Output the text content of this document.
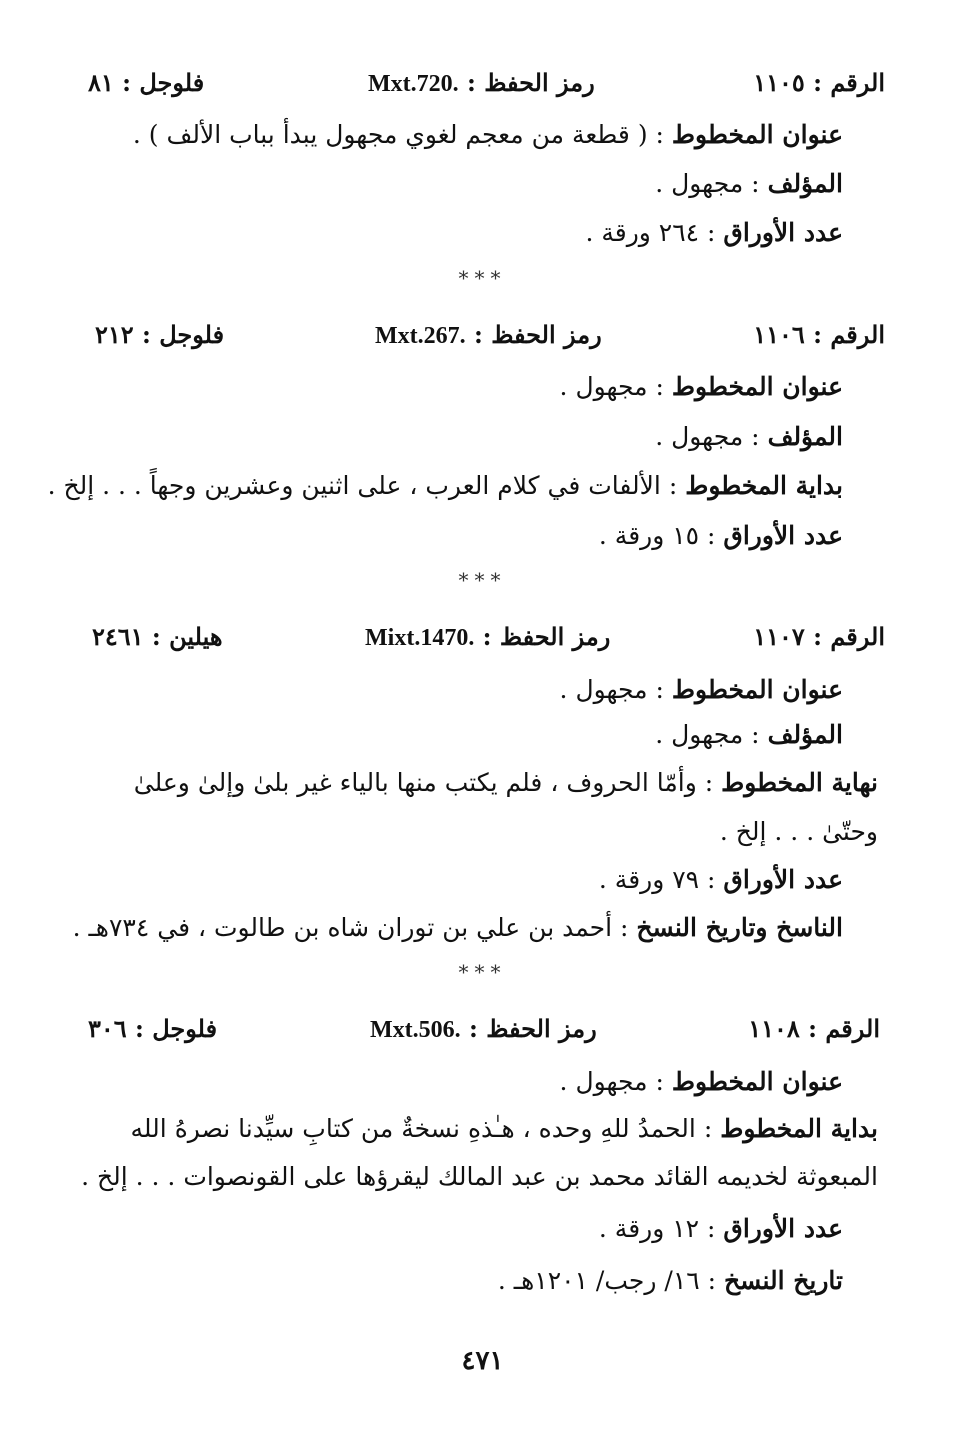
الرقم : ١١٠٥
Mxt.720. رمز الحفظ :
فلوجل : ٨١
عنوان المخطوط : ( قطعة من معجم لغوي مجهول يبدأ بباب الألف ) .
المؤلف : مجهول .
عدد الأوراق : ٢٦٤ ورقة .
***
الرقم : ١١٠٦
Mxt.267. رمز الحفظ :
فلوجل : ٢١٢
عنوان المخطوط : مجهول .
المؤلف : مجهول .
بداية المخطوط : الألفات في كلام العرب ، على اثنين وعشرين وجهاً . . . إلخ .
عدد الأوراق : ١٥ ورقة .
***
الرقم : ١١٠٧
Mixt.1470. رمز الحفظ :
هيلين : ٢٤٦١
عنوان المخطوط : مجهول .
المؤلف : مجهول .
نهاية المخطوط : وأمّا الحروف ، فلم يكتب منها بالياء غير بلىٰ وإلىٰ وعلىٰ
وحتّىٰ . . . إلخ .
عدد الأوراق : ٧٩ ورقة .
الناسخ وتاريخ النسخ : أحمد بن علي بن توران شاه بن طالوت ، في ٧٣٤هـ .
***
الرقم : ١١٠٨
Mxt.506. رمز الحفظ :
فلوجل : ٣٠٦
عنوان المخطوط : مجهول .
بداية المخطوط : الحمدُ للهِ وحده ، هـٰذهِ نسخةٌ من كتابِ سيِّدنا نصرهُ الله
المبعوثة لخديمه القائد محمد بن عبد المالك ليقرؤها على القونصوات . . . إلخ .
عدد الأوراق : ١٢ ورقة .
تاريخ النسخ : ١٦/ رجب/ ١٢٠١هـ .
٤٧١
